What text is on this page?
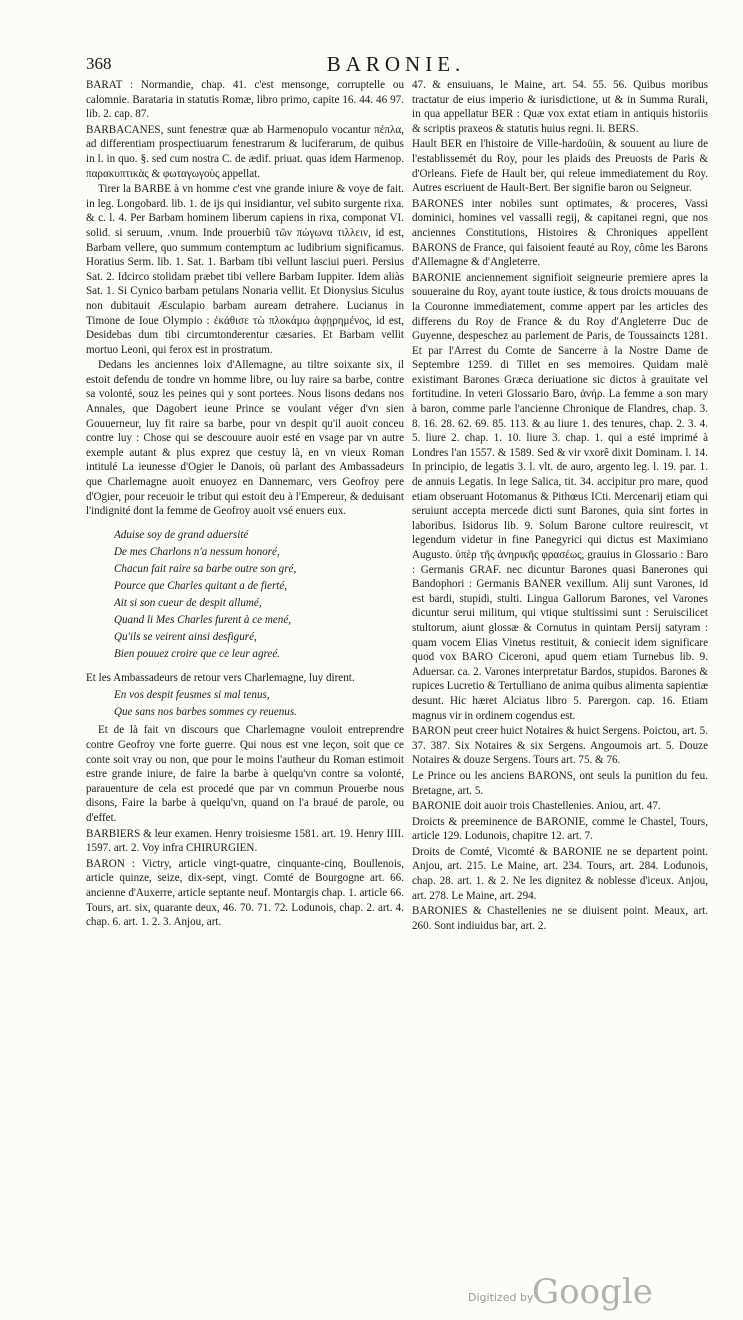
368	BARONIE.

BARAT : Normandie, chap. 41. c'est mensonge, corruptelle ou calomnie. Barataria in statutis Romæ, libro primo, capite 16. 44. 46 97. lib. 2. cap. 87.

BARBACANES, sunt fenestræ quæ ab Harmenopulo vocantur πέπλα, ad differentiam prospectiuarum fenestrarum & luciferarum, de quibus in l. in quo. §. sed cum nostra C. de ædif. priuat. quas idem Harmenop. παρακυπτικὰς & φωταγωγοὺς appellat.

Tirer la BARBE à vn homme c'est vne grande iniure & voye de fait. in leg. Longobard. lib. 1. de ijs qui insidiantur, vel subito surgente rixa. & c. l. 4. Per Barbam hominem liberum capiens in rixa, componat VI. solid. si seruum, .vnum. Inde prouerbiũ τῶν πώγωνα τιλλειν, id est, Barbam vellere, quo summum contemptum ac ludibrium significamus. Horatius Serm. lib. 1. Sat. 1. Barbam tibi vellunt lasciui pueri. Persius Sat. 2. Idcirco stolidam præbet tibi vellere Barbam Iuppiter. Idem aliàs Sat. 1. Si Cynico barbam petulans Nonaria vellit. Et Dionysius Siculus non dubitauit Æsculapio barbam auream detrahere. Lucianus in Timone de Ioue Olympio : ἐκάθισε τὼ πλοκάμω ἀφῃρημένος, id est, Desidebas dum tibi circumtonderentur cæsaries. Et Barbam vellit mortuo Leoni, qui ferox est in prostratum.

Dedans les anciennes loix d'Allemagne, au tiltre soixante six, il estoit defendu de tondre vn homme libre, ou luy raire sa barbe, contre sa volonté, souz les peines qui y sont portees. Nous lisons dedans nos Annales, que Dagobert ieune Prince se voulant véger d'vn sien Gouuerneur, luy fit raire sa barbe, pour vn despit qu'il auoit conceu contre luy : Chose qui se descouure auoir esté en vsage par vn autre exemple autant & plus exprez que cestuy là, en vn vieux Roman intitulé La ieunesse d'Ogier le Danois, où parlant des Ambassadeurs que Charlemagne auoit enuoyez en Dannemarc, vers Geofroy pere d'Ogier, pour receuoir le tribut qui estoit deu à l'Empereur, & deduisant l'indignité dont la femme de Geofroy auoit vsé enuers eux.

Aduise soy de grand aduersité
De mes Charlons n'a nessum honoré,
Chacun fait raire sa barbe outre son gré,
Pource que Charles quitant a de fierté,
Ait si son cueur de despit allumé,
Quand li Mes Charles furent à ce mené,
Qu'ils se veirent ainsi desfiguré,
Bien pouuez croire que ce leur agreé.

Et les Ambassadeurs de retour vers Charlemagne, luy dirent.

En vos despit feusmes si mal tenus,
Que sans nos barbes sommes cy reuenus.

Et de là fait vn discours que Charlemagne vouloit entreprendre contre Geofroy vne forte guerre. Qui nous est vne leçon, soit que ce conte soit vray ou non, que pour le moins l'autheur du Roman estimoit estre grande iniure, de faire la barbe à quelqu'vn contre sa volonté, parauenture de cela est procedé que par vn commun Prouerbe nous disons, Faire la barbe à quelqu'vn, quand on l'a braué de parole, ou d'effet.

BARBIERS & leur examen. Henry troisiesme 1581. art. 19. Henry IIII. 1597. art. 2. Voy infra CHIRURGIEN.

BARON : Victry, article vingt-quatre, cinquante-cinq, Boullenois, article quinze, seize, dix-sept, vingt. Comté de Bourgogne art. 66. ancienne d'Auxerre, article septante neuf. Montargis chap. 1. article 66. Tours, art. six, quarante deux, 46. 70. 71. 72. Lodunois, chap. 2. art. 4. chap. 6. art. 1. 2. 3. Anjou, art.

47. & ensuiuans, le Maine, art. 54. 55. 56. Quibus moribus tractatur de eius imperio & iurisdictione, ut & in Summa Rurali, in qua appellatur BER : Quæ vox extat etiam in antiquis historiis & scriptis praxeos & statutis huius regni. li. BERS.

Hault BER en l'histoire de Ville-hardoüin, & souuent au liure de l'establissemét du Roy, pour les plaids des Preuosts de Paris & d'Orleans. Fiefe de Hault ber, qui releue immediatement du Roy. Autres escriuent de Hault-Bert. Ber signifie baron ou Seigneur.

BARONES inter nobiles sunt optimates, & proceres, Vassi dominici, homines vel vassalli regij, & capitanei regni, que nos anciennes Constitutions, Histoires & Chroniques appellent BARONS de France, qui faisoient feauté au Roy, côme les Barons d'Allemagne & d'Angleterre.

BARONIE anciennement signifioit seigneurie premiere apres la souueraine du Roy, ayant toute iustice, & tous droicts mouuans de la Couronne immediatement, comme appert par les articles des differens du Roy de France & du Roy d'Angleterre Duc de Guyenne, despeschez au parlement de Paris, de Toussaincts 1281. Et par l'Arrest du Comte de Sancerre à la Nostre Dame de Septembre 1259. di Tillet en ses memoires. Quidam malè existimant Barones Græca deriuatione sic dictos à grauitate vel fortitudine. In veteri Glossario Baro, ἀνήρ. La femme a son mary à baron, comme parle l'ancienne Chronique de Flandres, chap. 3. 8. 16. 28. 62. 69. 85. 113. & au liure 1. des tenures, chap. 2. 3. 4. 5. liure 2. chap. 1. 10. liure 3. chap. 1. qui a esté imprimé à Londres l'an 1557. & 1589. Sed & vir vxorê dixit Dominam. l. 14. In principio, de legatis 3. l. vlt. de auro, argento leg. l. 19. par. 1. de annuis Legatis. In lege Salica, tit. 34. accipitur pro mare, quod etiam obseruant Hotomanus & Pithœus ICti. Mercenarij etiam qui seruiunt accepta mercede dicti sunt Barones, quia sint fortes in laboribus. Isidorus lib. 9. Solum Barone cultore reuirescit, vt legendum videtur in fine Panegyrici qui dictus est Maximiano Augusto. ὑπὲρ τῆς ἀνηρικῆς φρασέως, grauius in Glossario : Baro : Germanis GRAF. nec dicuntur Barones quasi Banerones qui Bandophori : Germanis BANER vexillum. Alij sunt Varones, id est bardi, stupidi, stulti. Lingua Gallorum Barones, vel Varones dicuntur serui militum, qui vtique stultissimi sunt : Seruiscilicet stultorum, aiunt glossæ & Cornutus in quintam Persij satyram : quam vocem Elias Vinetus restituit, & coniecit idem significare quod vox BARO Ciceroni, apud quem etiam Turnebus lib. 9. Aduersar. ca. 2. Varones interpretatur Bardos, stupidos. Barones & rupices Lucretio & Tertulliano de anima quibus alimenta sapientiæ desunt. Hic hæret Alciatus libro 5. Parergon. cap. 16. Etiam magnus vir in ordinem cogendus est.

BARON peut creer huict Notaires & huict Sergens. Poictou, art. 5. 37. 387. Six Notaires & six Sergens. Angoumois art. 5. Douze Notaires & douze Sergens. Tours art. 75. & 76.

Le Prince ou les anciens BARONS, ont seuls la punition du feu. Bretagne, art. 5.

BARONIE doit auoir trois Chastellenies. Aniou, art. 47.

Droicts & preeminence de BARONIE, comme le Chastel, Tours, article 129. Lodunois, chapitre 12. art. 7.

Droits de Comté, Vicomté & BARONIE ne se departent point. Anjou, art. 215. Le Maine, art. 234. Tours, art. 284. Lodunois, chap. 28. art. 1. & 2. Ne les dignitez & noblesse d'iceux. Anjou, art. 278. Le Maine, art. 294.

BARONIES & Chastellenies ne se diuisent point. Meaux, art. 260. Sont indiuidus bar, art. 2.

Digitized by
Google
